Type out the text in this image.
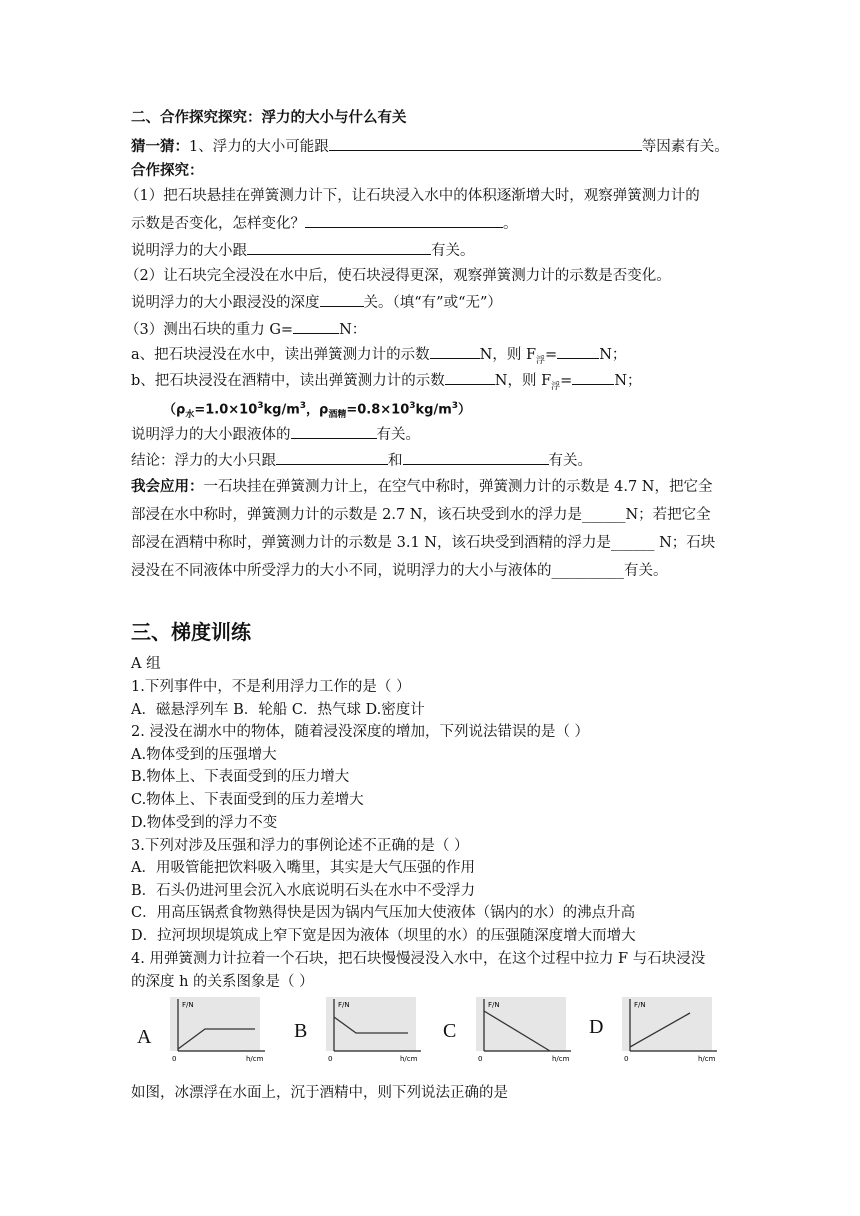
二、合作探究探究：浮力的大小与什么有关
猜一猜：1、浮力的大小可能跟	等因素有关。
合作探究：
（1）把石块悬挂在弹簧测力计下，让石块浸入水中的体积逐渐增大时，观察弹簧测力计的
示数是否变化，怎样变化？	。
说明浮力的大小跟	有关。
（2）让石块完全浸没在水中后，使石块浸得更深，观察弹簧测力计的示数是否变化。
说明浮力的大小跟浸没的深度	关。（填“有”或“无”）
（3）测出石块的重力 G=	N：
a、把石块浸没在水中，读出弹簧测力计的示数	N，则 $F_浮=$	N；
b、把石块浸没在酒精中，读出弹簧测力计的示数	N，则 $F_浮=$	N；
（$\rho_水=1.0\times 10^3kg/m^3$，$\rho_{酒精}=0.8\times 10^3kg/m^3$）
说明浮力的大小跟液体的	有关。
结论：浮力的大小只跟	和	有关。
我会应用：一石块挂在弹簧测力计上，在空气中称时，弹簧测力计的示数是 4.7 N，把它全
部浸在水中称时，弹簧测力计的示数是 2.7 N，该石块受到水的浮力是______N；若把它全
部浸在酒精中称时，弹簧测力计的示数是 3.1 N，该石块受到酒精的浮力是______ N；石块
浸没在不同液体中所受浮力的大小不同，说明浮力的大小与液体的__________有关。
三、梯度训练
A 组
1.下列事件中，不是利用浮力工作的是（ ）
A．磁悬浮列车 B．轮船 C．热气球 D.密度计
2. 浸没在湖水中的物体，随着浸没深度的增加，下列说法错误的是（ ）
A.物体受到的压强增大
B.物体上、下表面受到的压力增大
C.物体上、下表面受到的压力差增大
D.物体受到的浮力不变
3.下列对涉及压强和浮力的事例论述不正确的是（ ）
A．用吸管能把饮料吸入嘴里，其实是大气压强的作用
B．石头仍进河里会沉入水底说明石头在水中不受浮力
C．用高压锅煮食物熟得快是因为锅内气压加大使液体（锅内的水）的沸点升高
D．拉河坝坝堤筑成上窄下宽是因为液体（坝里的水）的压强随深度增大而增大
4. 用弹簧测力计拉着一个石块，把石块慢慢浸没入水中，在这个过程中拉力 F 与石块浸没
的深度 h 的关系图象是（ ）
A
F/N
0	h/cm
B
F/N
0	h/cm
C
F/N
0	h/cm
D
F/N
0	h/cm
如图，冰漂浮在水面上，沉于酒精中，则下列说法正确的是
